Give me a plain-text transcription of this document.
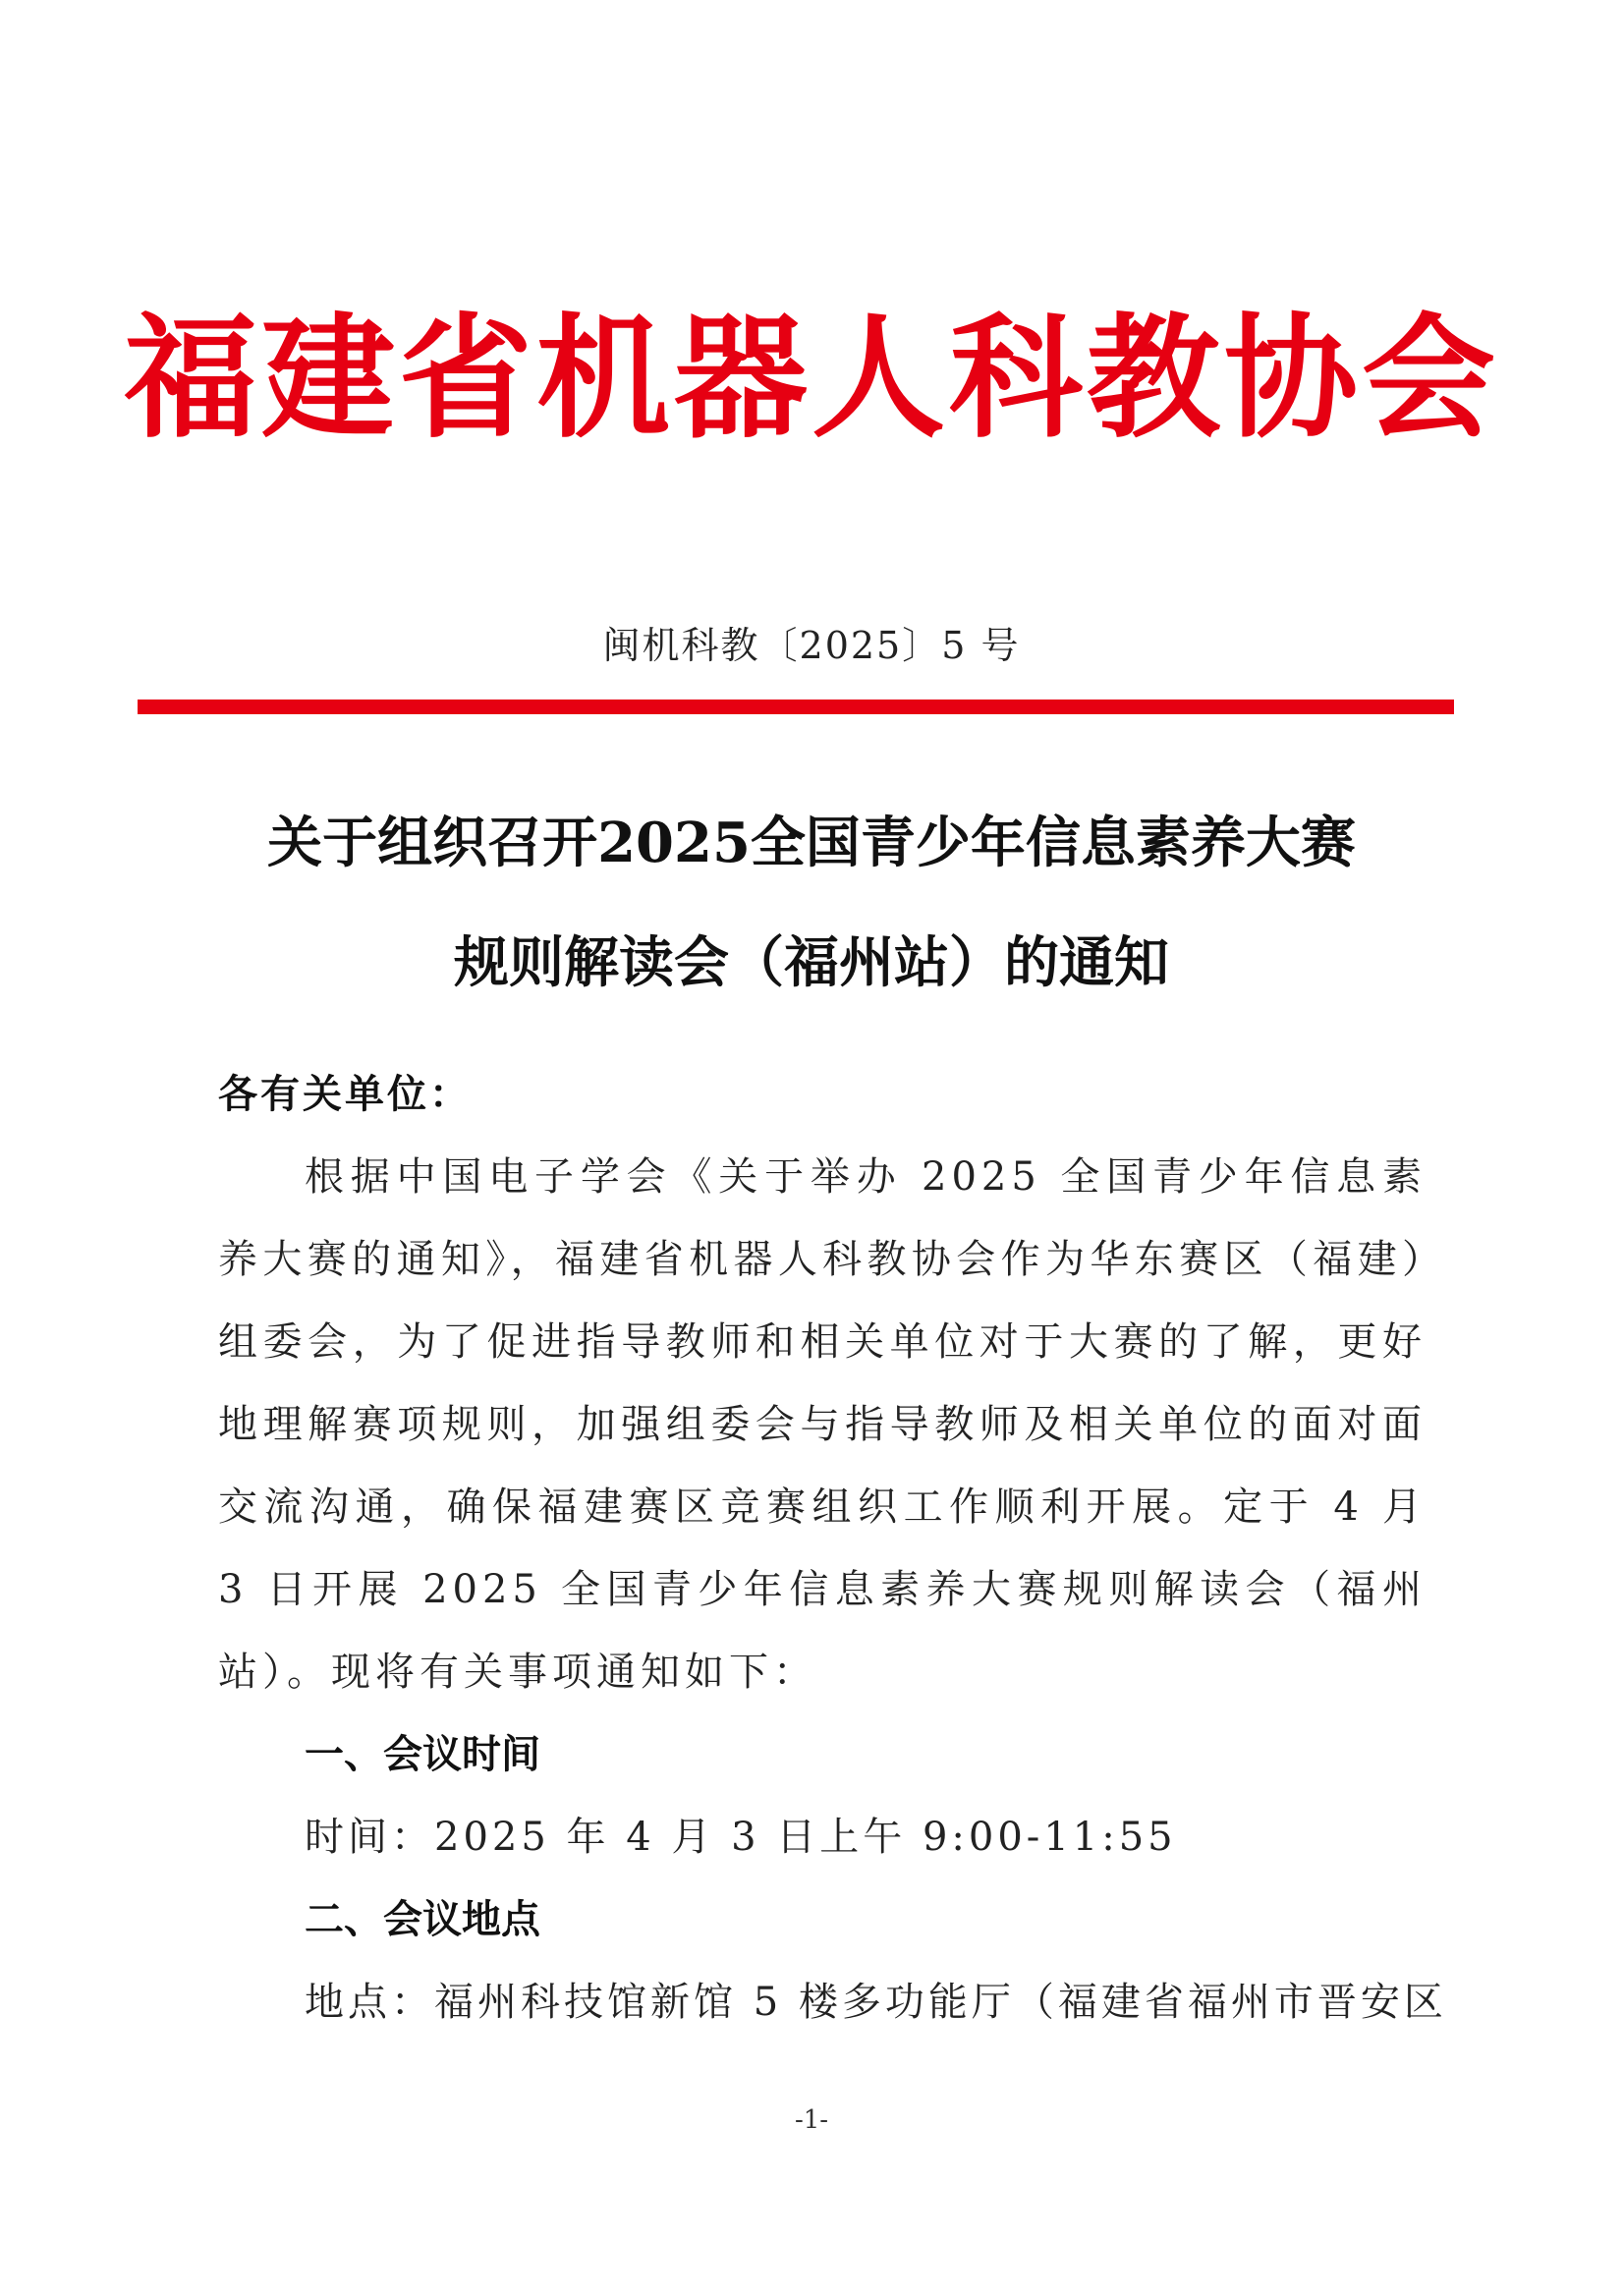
福建省机器人科教协会
闽机科教〔2025〕5 号
关于组织召开2025全国青少年信息素养大赛
规则解读会（福州站）的通知
各有关单位：
根据中国电子学会《关于举办 2025 全国青少年信息素养大赛的通知》，福建省机器人科教协会作为华东赛区（福建）组委会，为了促进指导教师和相关单位对于大赛的了解，更好地理解赛项规则，加强组委会与指导教师及相关单位的面对面交流沟通，确保福建赛区竞赛组织工作顺利开展。定于 4 月 3 日开展 2025 全国青少年信息素养大赛规则解读会（福州站）。现将有关事项通知如下：
一、会议时间
时间：2025 年 4 月 3 日上午 9:00-11:55
二、会议地点
地点：福州科技馆新馆 5 楼多功能厅（福建省福州市晋安区
-1-
